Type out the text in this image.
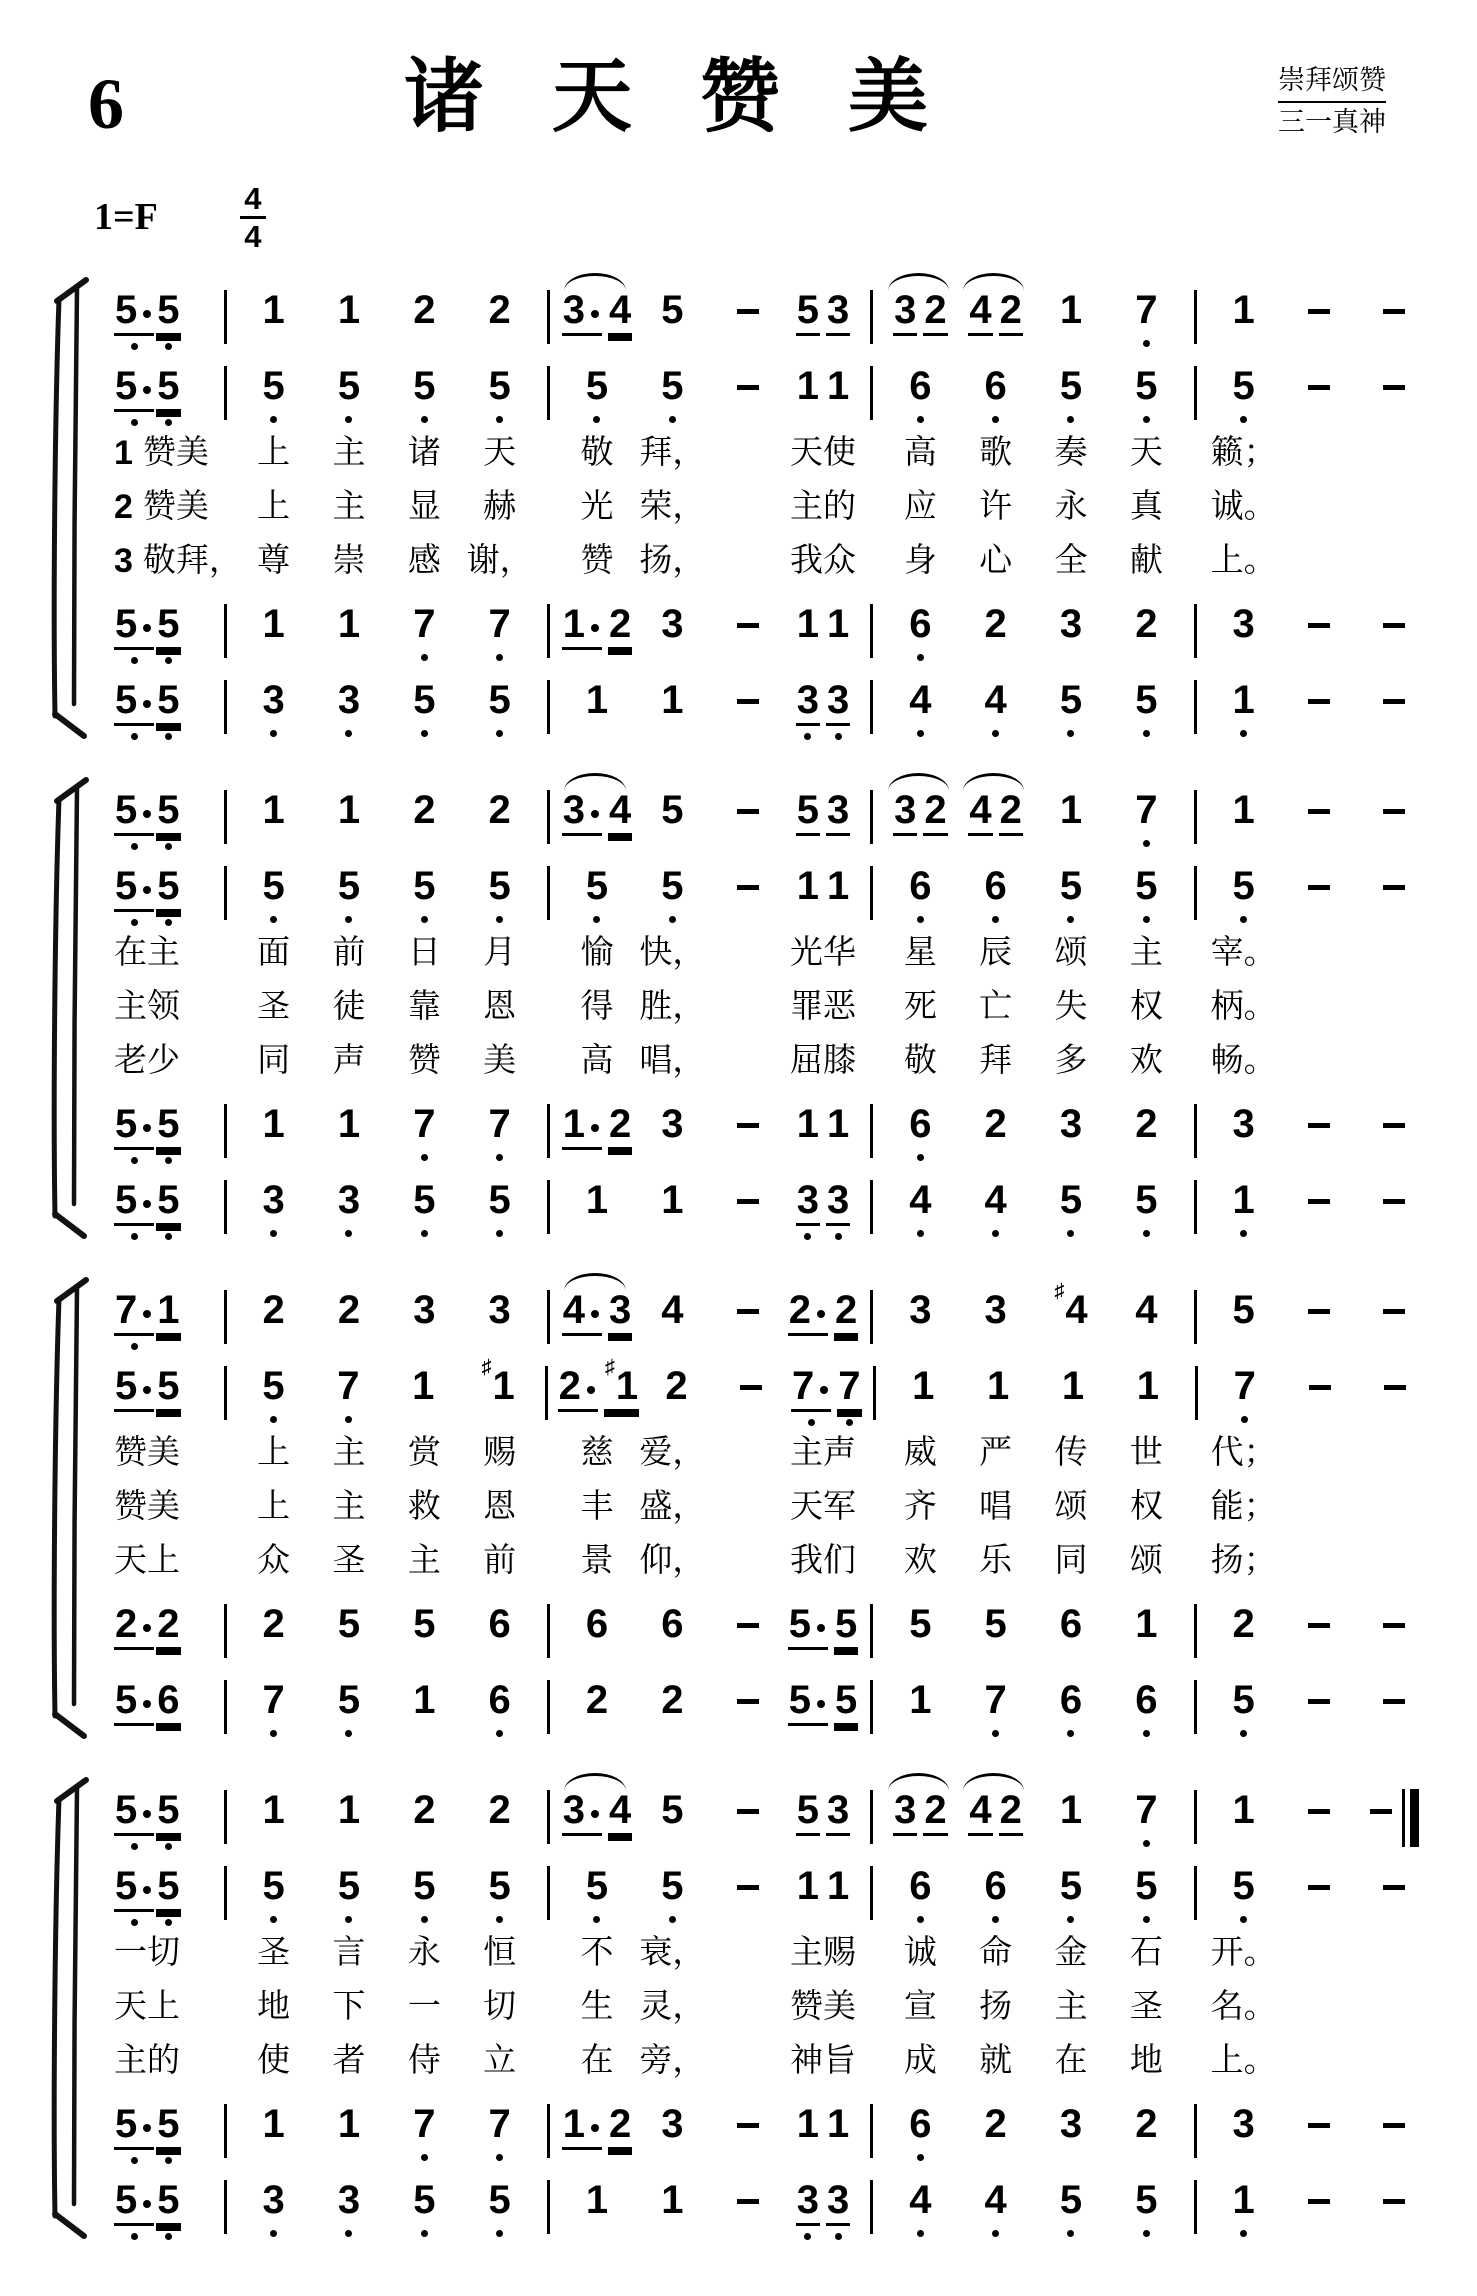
6	诸 天 赞 美	崇拜颂赞
三一真神
1=F	4
4
5 5 1 1 2 2 3 4 5	5 3 3 2 4 2 1 7 1
5 5 5 5 5 5 5 5	1 1 6 6 5 5 5
1 赞美 上 主 诸 天 敬 拜，	天使 高 歌 奏 天 籁；
2 赞美 上 主 显 赫 光 荣，	主的 应 许 永 真 诚。
3 敬拜， 尊 崇 感 谢， 赞 扬，	我众 身 心 全 献 上。
5 5 1 1 7 7 1 2 3	1 1 6 2 3 2 3
5 5 3 3 5 5 1 1	3 3 4 4 5 5 1
5 5 1 1 2 2 3 4 5	5 3 3 2 4 2 1 7 1
5 5 5 5 5 5 5 5	1 1 6 6 5 5 5
在主 面 前 日 月 愉 快，	光华 星 辰 颂 主 宰。
主领 圣 徒 靠 恩 得 胜，	罪恶 死 亡 失 权 柄。
老少 同 声 赞 美 高 唱，	屈膝 敬 拜 多 欢 畅。
5 5 1 1 7 7 1 2 3	1 1 6 2 3 2 3
5 5 3 3 5 5 1 1	3 3 4 4 5 5 1
7 1 2 2 3 3 4 3 4	2 2 3 3 ♯ 4 4 5
5 5 5 7 1 ♯ 1 2	♯ 1 2	7 7 1 1 1 1 7
赞美 上 主 赏 赐 慈 爱，	主声 威 严 传 世 代；
赞美 上 主 救 恩 丰 盛，	天军 齐 唱 颂 权 能；
天上 众 圣 主 前 景 仰，	我们 欢 乐 同 颂 扬；
2 2 2 5 5 6 6 6	5 5 5 5 6 1 2
5 6 7 5 1 6 2 2	5 5 1 7 6 6 5
5 5 1 1 2 2 3 4 5	5 3 3 2 4 2 1 7 1
5 5 5 5 5 5 5 5	1 1 6 6 5 5 5
一切 圣 言 永 恒 不 衰，	主赐 诚 命 金 石 开。
天上 地 下 一 切 生 灵，	赞美 宣 扬 主 圣 名。
主的 使 者 侍 立 在 旁，	神旨 成 就 在 地 上。
5 5 1 1 7 7 1 2 3	1 1 6 2 3 2 3
5 5 3 3 5 5 1 1	3 3 4 4 5 5 1
